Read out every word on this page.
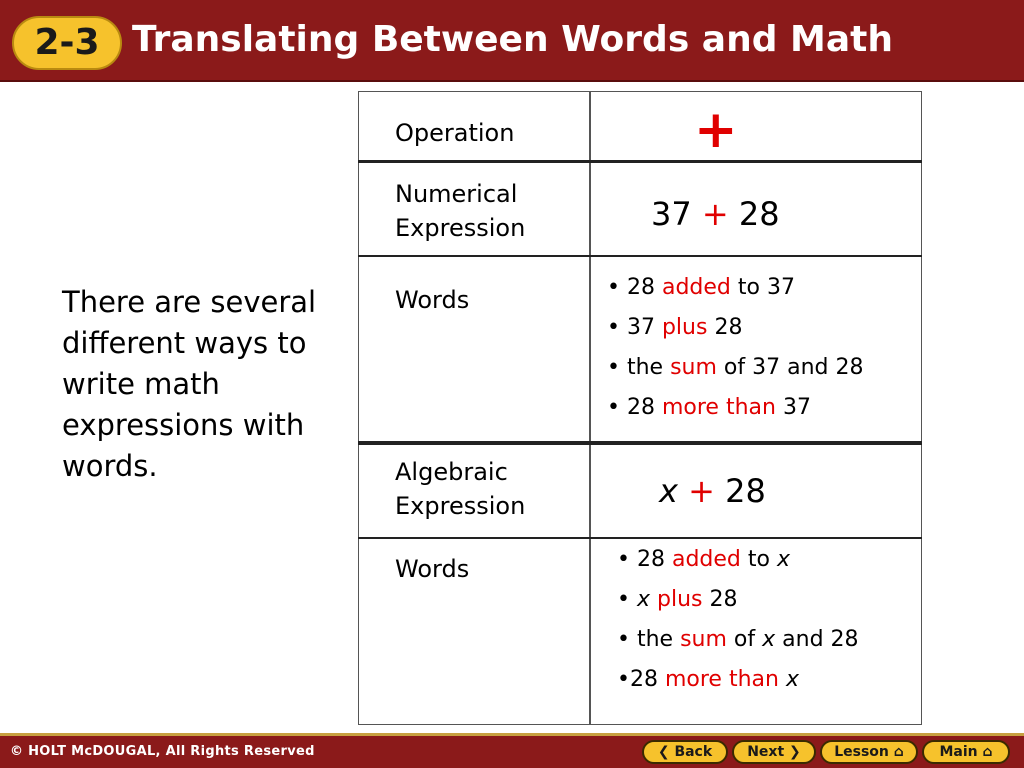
2-3 Translating Between Words and Math
There are several different ways to write math expressions with words.
Operation	+
Numerical
Expression	37 + 28
Words	• 28 added to 37
• 37 plus 28
• the sum of 37 and 28
• 28 more than 37
Algebraic
Expression	x + 28
Words	• 28 added to x
• x plus 28
• the sum of x and 28
•28 more than x
© HOLT McDOUGAL, All Rights Reserved	❮ Back	Next ❯	Lesson ⌂	Main ⌂
